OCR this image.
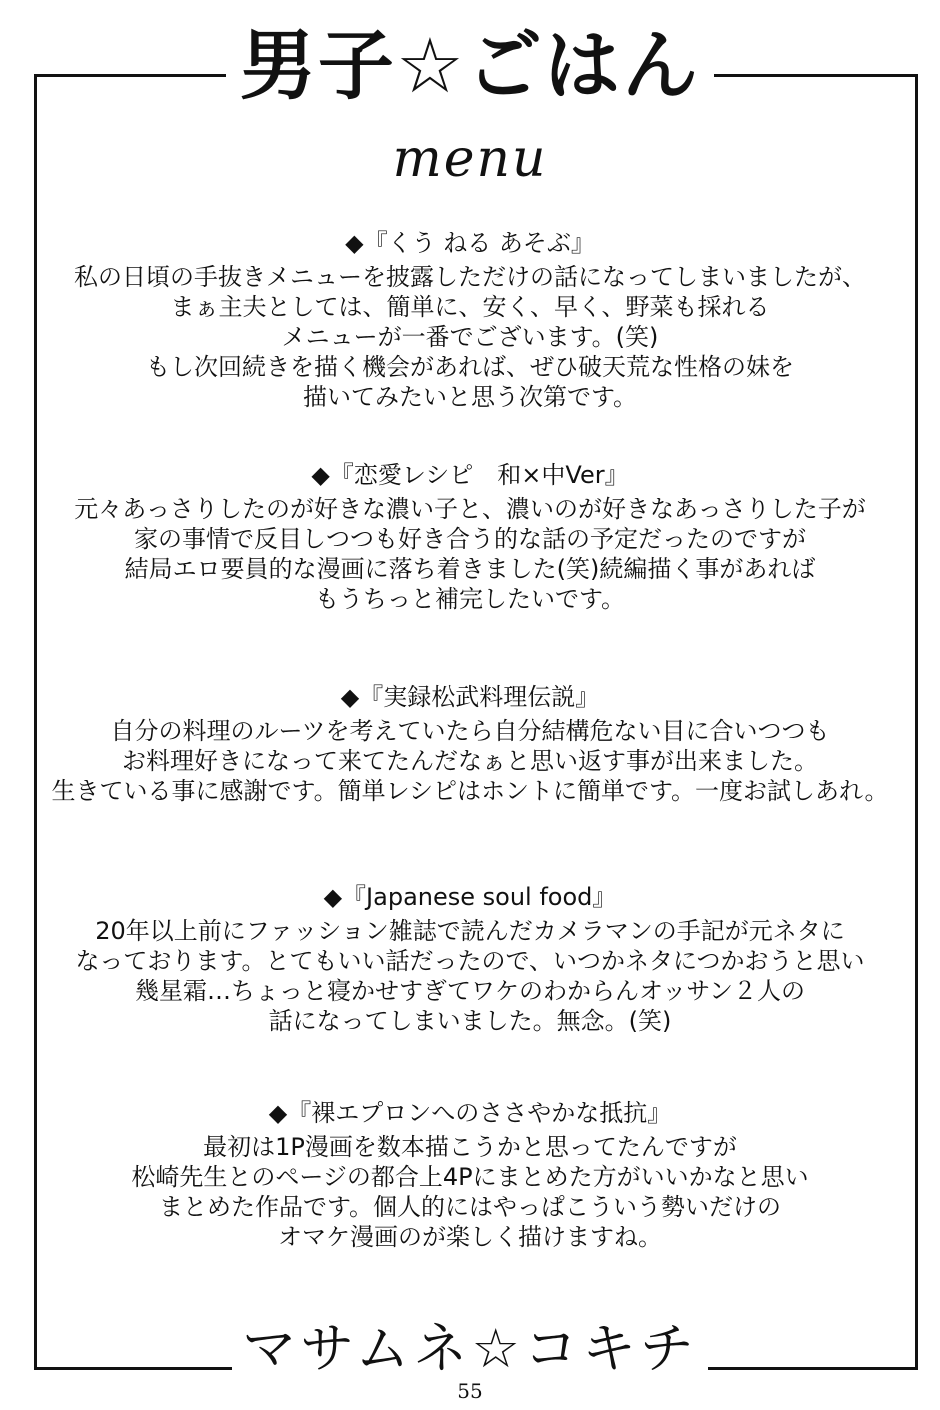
男子☆ごはん
menu
◆『くう ねる あそぶ』
私の日頃の手抜きメニューを披露しただけの話になってしまいましたが、
まぁ主夫としては、簡単に、安く、早く、野菜も採れる
メニューが一番でございます。(笑)
もし次回続きを描く機会があれば、ぜひ破天荒な性格の妹を
描いてみたいと思う次第です。
◆『恋愛レシピ　和×中Ver』
元々あっさりしたのが好きな濃い子と、濃いのが好きなあっさりした子が
家の事情で反目しつつも好き合う的な話の予定だったのですが
結局エロ要員的な漫画に落ち着きました(笑)続編描く事があれば
もうちっと補完したいです。
◆『実録松武料理伝説』
自分の料理のルーツを考えていたら自分結構危ない目に合いつつも
お料理好きになって来てたんだなぁと思い返す事が出来ました。
生きている事に感謝です。簡単レシピはホントに簡単です。一度お試しあれ。
◆『Japanese soul food』
20年以上前にファッション雑誌で読んだカメラマンの手記が元ネタに
なっております。とてもいい話だったので、いつかネタにつかおうと思い
幾星霜…ちょっと寝かせすぎてワケのわからんオッサン２人の
話になってしまいました。無念。(笑)
◆『裸エプロンへのささやかな抵抗』
最初は1P漫画を数本描こうかと思ってたんですが
松崎先生とのページの都合上4Pにまとめた方がいいかなと思い
まとめた作品です。個人的にはやっぱこういう勢いだけの
オマケ漫画のが楽しく描けますね。
マサムネ☆コキチ
55
